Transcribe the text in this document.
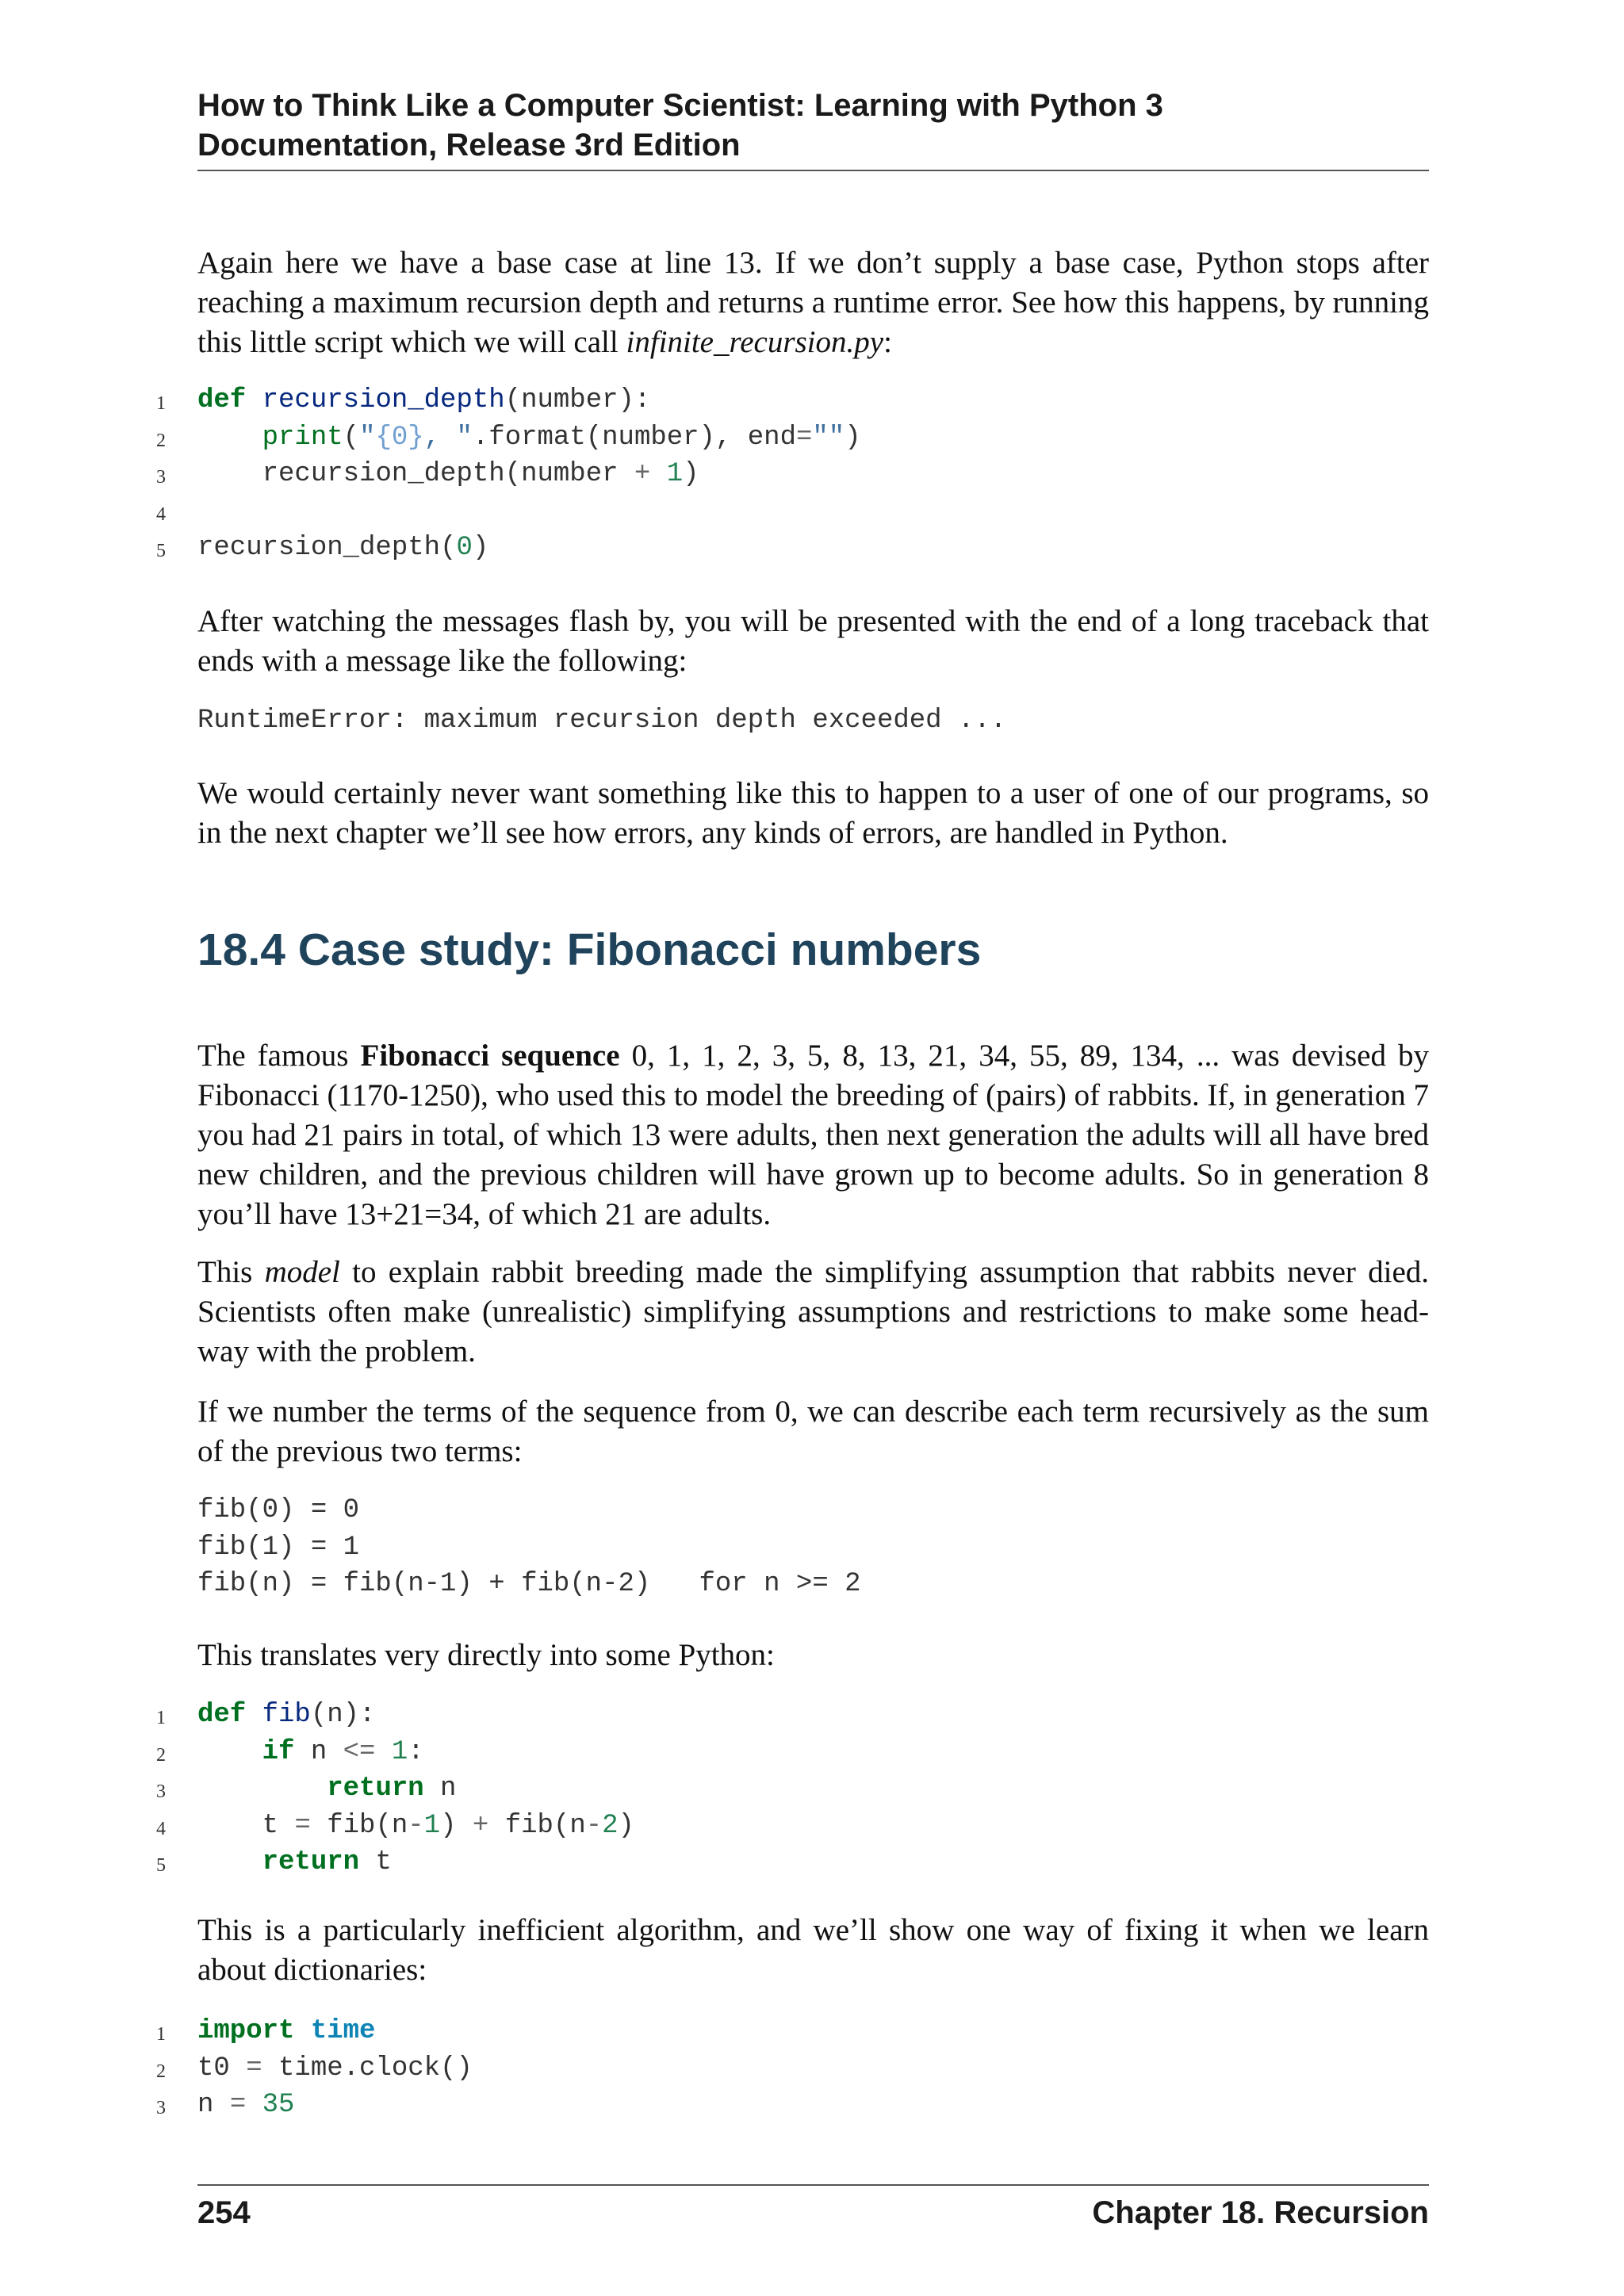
How to Think Like a Computer Scientist: Learning with Python 3
Documentation, Release 3rd Edition

Again here we have a base case at line 13. If we don’t supply a base case, Python stops after reaching a maximum recursion depth and returns a runtime error. See how this happens, by running this little script which we will call infinite_recursion.py:

1	def recursion_depth(number):
2	print("{0}, ".format(number), end="")
3	recursion_depth(number + 1)
4
5	recursion_depth(0)

After watching the messages flash by, you will be presented with the end of a long traceback that ends with a message like the following:

RuntimeError: maximum recursion depth exceeded ...

We would certainly never want something like this to happen to a user of one of our programs, so in the next chapter we’ll see how errors, any kinds of errors, are handled in Python.

18.4 Case study: Fibonacci numbers

The famous Fibonacci sequence 0, 1, 1, 2, 3, 5, 8, 13, 21, 34, 55, 89, 134, ... was devised by Fibonacci (1170-1250), who used this to model the breeding of (pairs) of rabbits. If, in generation 7 you had 21 pairs in total, of which 13 were adults, then next generation the adults will all have bred new children, and the previous children will have grown up to become adults. So in generation 8 you’ll have 13+21=34, of which 21 are adults.

This model to explain rabbit breeding made the simplifying assumption that rabbits never died. Scientists often make (unrealistic) simplifying assumptions and restrictions to make some head-way with the problem.

If we number the terms of the sequence from 0, we can describe each term recursively as the sum of the previous two terms:

fib(0) = 0
fib(1) = 1
fib(n) = fib(n-1) + fib(n-2)   for n >= 2

This translates very directly into some Python:

1	def fib(n):
2	if n <= 1:
3	return n
4	t = fib(n-1) + fib(n-2)
5	return t

This is a particularly inefficient algorithm, and we’ll show one way of fixing it when we learn about dictionaries:

1	import time
2	t0 = time.clock()
3	n = 35
254	Chapter 18. Recursion
